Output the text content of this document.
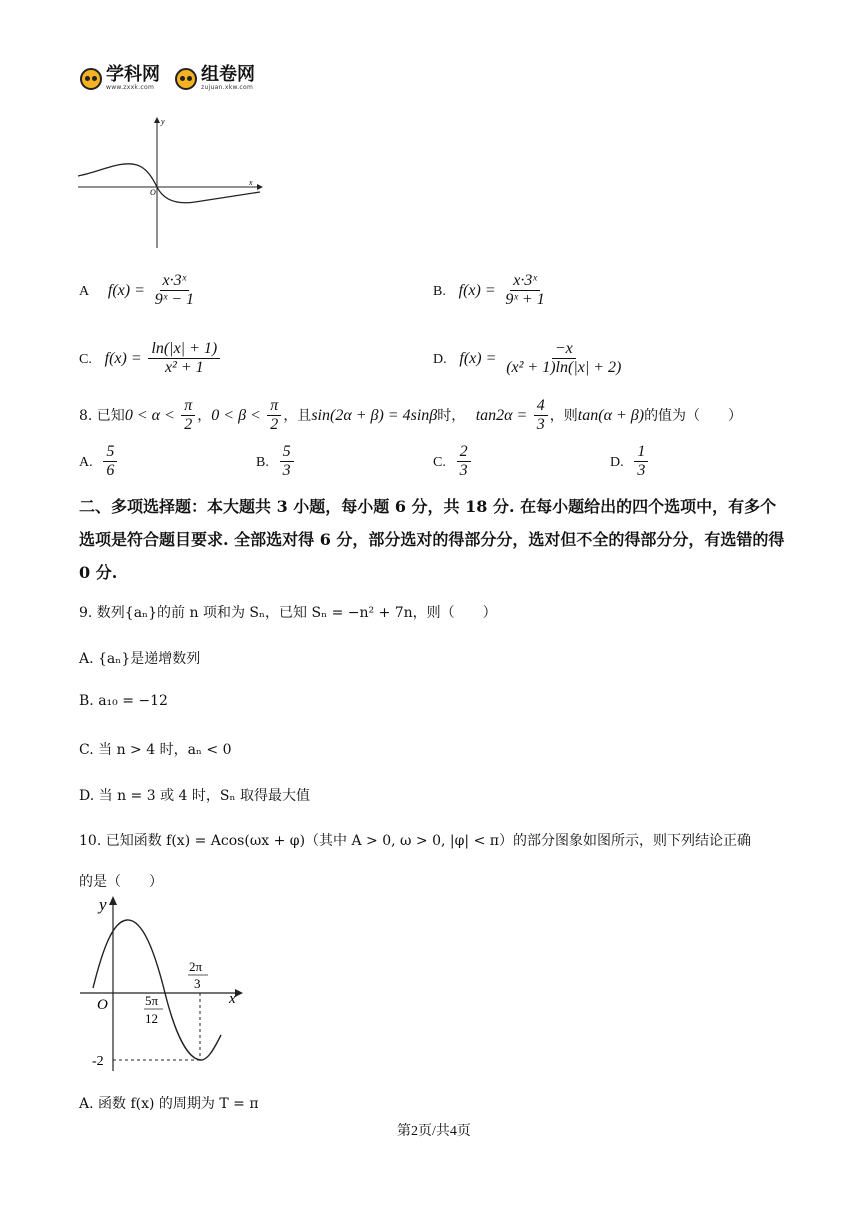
学科网
www.zxxk.com
组卷网
zujuan.xkw.com
y
x
O
A $f(x) = \frac{\text{x·3ˣ}}{\text{9ˣ − 1}}$	B. $f(x) = \frac{\text{x·3ˣ}}{\text{9ˣ + 1}}$
C. $f(x) = \frac{\ln(|x| + 1)}{\text{x² + 1}}$	D. $f(x) = \frac{-x}{\text{(x² + 1)ln(|x| + 2)}}$
8. 已知$0 < \alpha < \frac{\pi}{2}$ ，$0 < \beta < \frac{\pi}{2}$ ，且sin(2α + β) = 4sinβ时， $\tan 2\alpha = \frac{4}{3}$ ，则tan(α + β)的值为（　　）
A. $\frac{5}{6}$	B. $\frac{5}{3}$	C. $\frac{2}{3}$	D. $\frac{1}{3}$
二、多项选择题：本大题共 3 小题，每小题 6 分，共 18 分. 在每小题给出的四个选项中，有多个选项是符合题目要求. 全部选对得 6 分，部分选对的得部分分，选对但不全的得部分分，有选错的得 0 分.
9. 数列{aₙ}的前 n 项和为 Sₙ，已知 Sₙ = −n² + 7n，则（　　）
A. {aₙ}是递增数列
B. a₁₀ = −12
C. 当 n > 4 时，aₙ < 0
D. 当 n = 3 或 4 时，Sₙ 取得最大值
10. 已知函数 f(x) = Acos(ωx + φ)（其中 A > 0, ω > 0, |φ| < π）的部分图象如图所示，则下列结论正确
的是（　　）
y
x
O
-2
5π
12
2π
3
A. 函数 f(x) 的周期为 T = π
第2页/共4页
